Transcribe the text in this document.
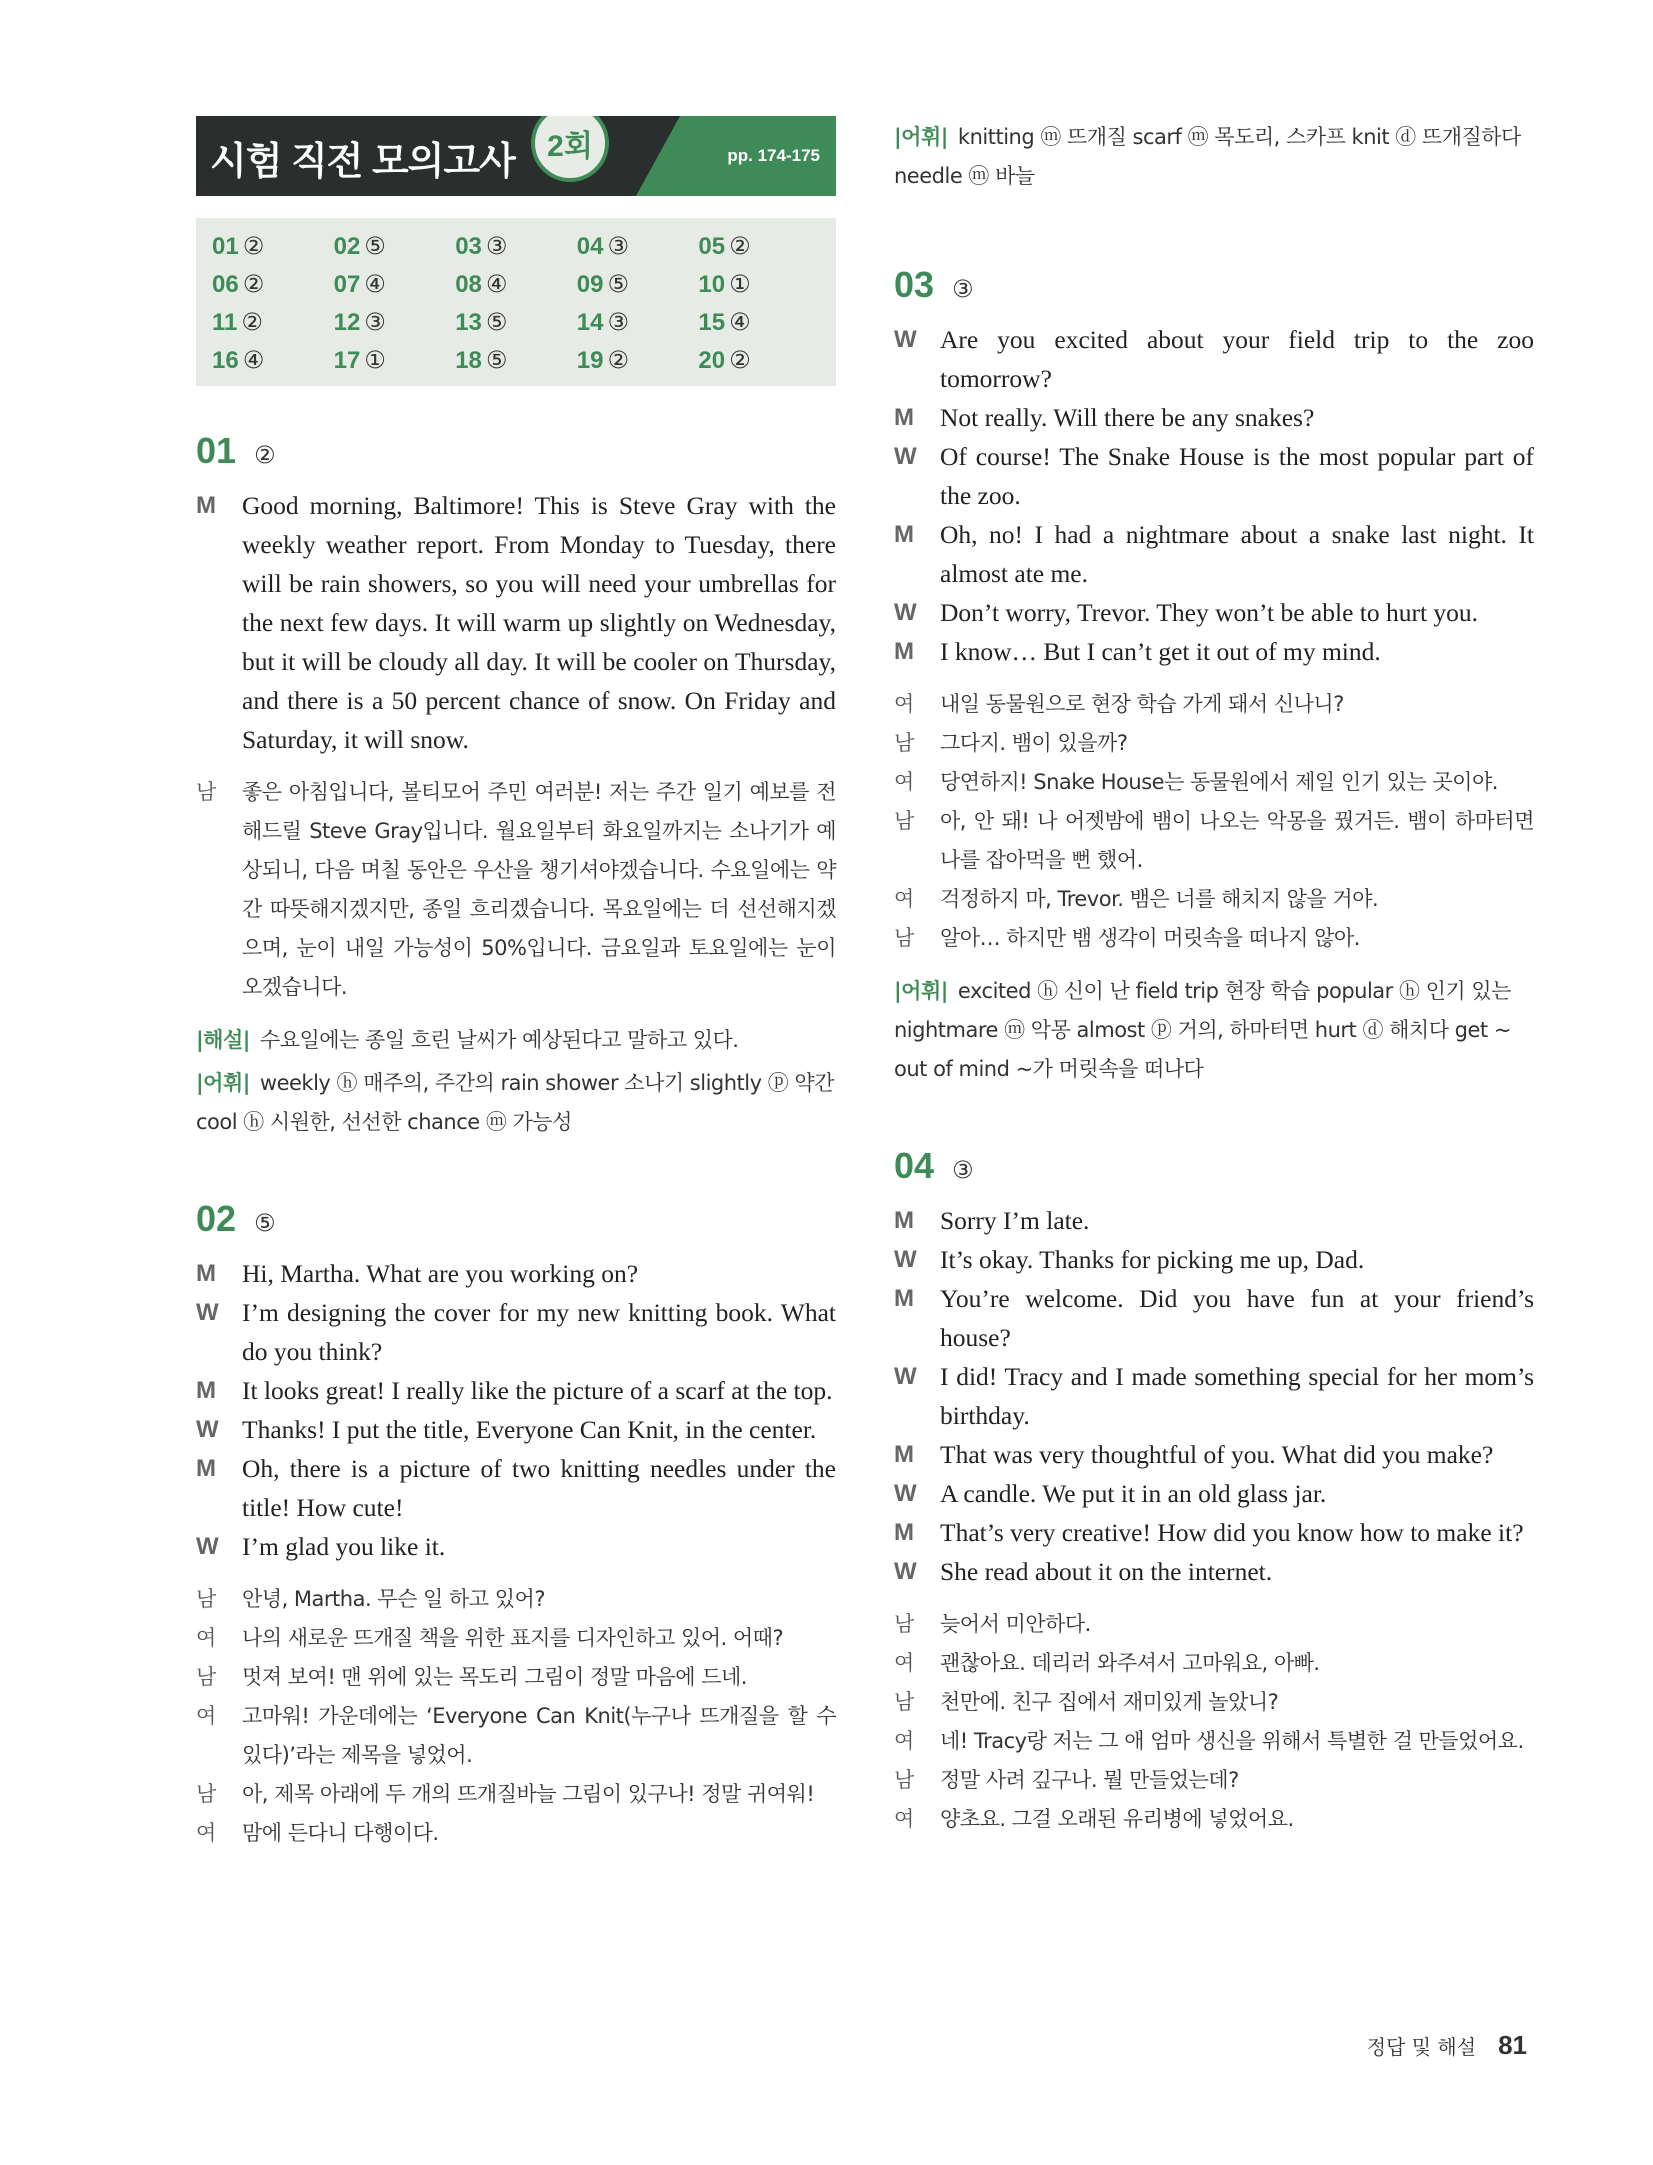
시험 직전 모의고사	2회	pp. 174-175
01 ②	02 ⑤	03 ③	04 ③	05 ②
06 ②	07 ④	08 ④	09 ⑤	10 ①
11 ②	12 ③	13 ⑤	14 ③	15 ④
16 ④	17 ①	18 ⑤	19 ②	20 ②
01 ②
M	Good morning, Baltimore! This is Steve Gray with the weekly weather report. From Monday to Tuesday, there will be rain showers, so you will need your umbrellas for the next few days. It will warm up slightly on Wednesday, but it will be cloudy all day. It will be cooler on Thursday, and there is a 50 percent chance of snow. On Friday and Saturday, it will snow.
남	좋은 아침입니다, 볼티모어 주민 여러분! 저는 주간 일기 예보를 전해드릴 Steve Gray입니다. 월요일부터 화요일까지는 소나기가 예상되니, 다음 며칠 동안은 우산을 챙기셔야겠습니다. 수요일에는 약간 따뜻해지겠지만, 종일 흐리겠습니다. 목요일에는 더 선선해지겠으며, 눈이 내일 가능성이 50%입니다. 금요일과 토요일에는 눈이 오겠습니다.
|해설| 수요일에는 종일 흐린 날씨가 예상된다고 말하고 있다.
|어휘| weekly ⓗ 매주의, 주간의 rain shower 소나기 slightly ⓟ 약간 cool ⓗ 시원한, 선선한 chance ⓜ 가능성
02 ⑤
M	Hi, Martha. What are you working on?
W I’m designing the cover for my new knitting book. What do you think?
M	It looks great! I really like the picture of a scarf at the top.
W Thanks! I put the title, Everyone Can Knit, in the center.
M	Oh, there is a picture of two knitting needles under the title! How cute!
W I’m glad you like it.
남	안녕, Martha. 무슨 일 하고 있어?
여	나의 새로운 뜨개질 책을 위한 표지를 디자인하고 있어. 어때?
남	멋져 보여! 맨 위에 있는 목도리 그림이 정말 마음에 드네.
여	고마워! 가운데에는 ‘Everyone Can Knit(누구나 뜨개질을 할 수 있다)’라는 제목을 넣었어.
남	아, 제목 아래에 두 개의 뜨개질바늘 그림이 있구나! 정말 귀여워!
여	맘에 든다니 다행이다.
|어휘| knitting ⓜ 뜨개질 scarf ⓜ 목도리, 스카프 knit ⓓ 뜨개질하다 needle ⓜ 바늘
03 ③
W Are you excited about your field trip to the zoo tomorrow?
M	Not really. Will there be any snakes?
W Of course! The Snake House is the most popular part of the zoo.
M	Oh, no! I had a nightmare about a snake last night. It almost ate me.
W Don’t worry, Trevor. They won’t be able to hurt you.
M	I know… But I can’t get it out of my mind.
여	내일 동물원으로 현장 학습 가게 돼서 신나니?
남	그다지. 뱀이 있을까?
여	당연하지! Snake House는 동물원에서 제일 인기 있는 곳이야.
남	아, 안 돼! 나 어젯밤에 뱀이 나오는 악몽을 꿨거든. 뱀이 하마터면 나를 잡아먹을 뻔 했어.
여	걱정하지 마, Trevor. 뱀은 너를 해치지 않을 거야.
남	알아… 하지만 뱀 생각이 머릿속을 떠나지 않아.
|어휘| excited ⓗ 신이 난 field trip 현장 학습 popular ⓗ 인기 있는 nightmare ⓜ 악몽 almost ⓟ 거의, 하마터면 hurt ⓓ 해치다 get ~ out of mind ~가 머릿속을 떠나다
04 ③
M	Sorry I’m late.
W It’s okay. Thanks for picking me up, Dad.
M	You’re welcome. Did you have fun at your friend’s house?
W I did! Tracy and I made something special for her mom’s birthday.
M	That was very thoughtful of you. What did you make?
W A candle. We put it in an old glass jar.
M	That’s very creative! How did you know how to make it?
W She read about it on the internet.
남	늦어서 미안하다.
여	괜찮아요. 데리러 와주셔서 고마워요, 아빠.
남	천만에. 친구 집에서 재미있게 놀았니?
여	네! Tracy랑 저는 그 애 엄마 생신을 위해서 특별한 걸 만들었어요.
남	정말 사려 깊구나. 뭘 만들었는데?
여	양초요. 그걸 오래된 유리병에 넣었어요.
정답 및 해설 81
